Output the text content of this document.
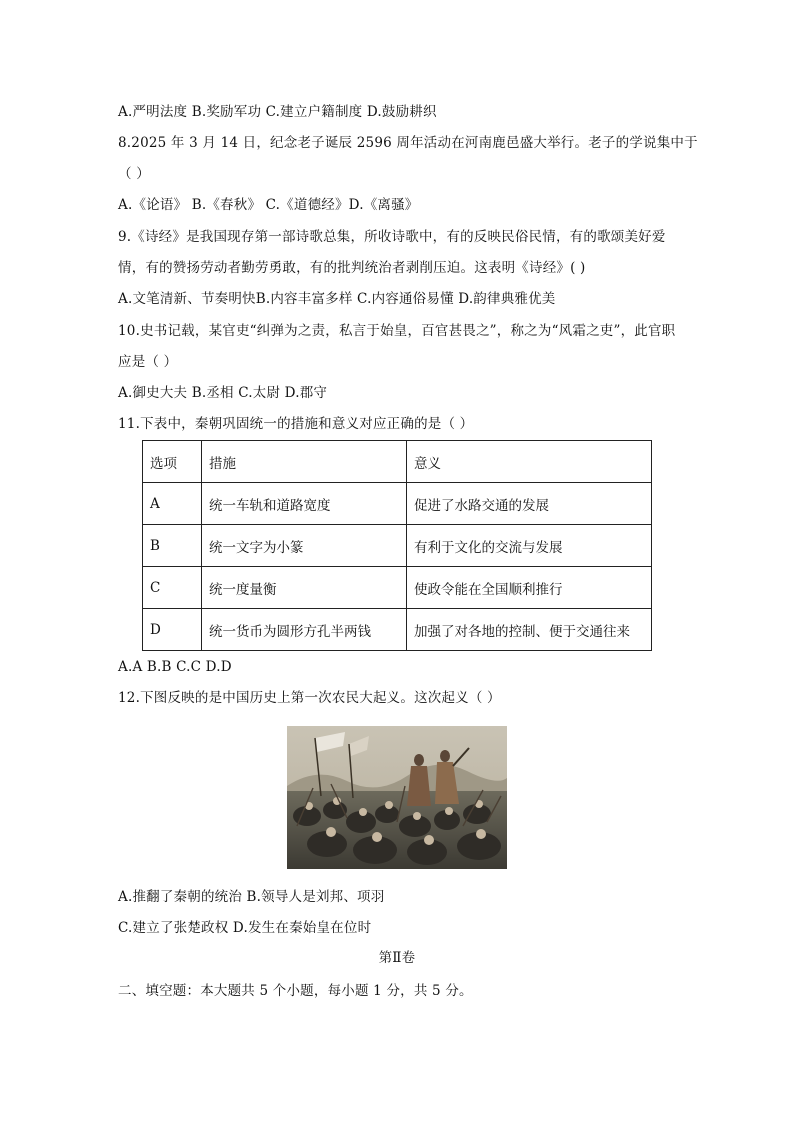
A.严明法度 B.奖励军功 C.建立户籍制度 D.鼓励耕织
8.2025 年 3 月 14 日，纪念老子诞辰 2596 周年活动在河南鹿邑盛大举行。老子的学说集中于
（ ）
A.《论语》 B.《春秋》 C.《道德经》D.《离骚》
9.《诗经》是我国现存第一部诗歌总集，所收诗歌中，有的反映民俗民情，有的歌颂美好爱
情，有的赞扬劳动者勤劳勇敢，有的批判统治者剥削压迫。这表明《诗经》( )
A.文笔清新、节奏明快B.内容丰富多样 C.内容通俗易懂 D.韵律典雅优美
10.史书记载，某官吏“纠弹为之责，私言于始皇，百官甚畏之”，称之为“风霜之吏”，此官职
应是（ ）
A.御史大夫 B.丞相 C.太尉 D.郡守
11.下表中，秦朝巩固统一的措施和意义对应正确的是（ ）
选项	措施	意义
A	统一车轨和道路宽度	促进了水路交通的发展
B	统一文字为小篆	有利于文化的交流与发展
C	统一度量衡	使政令能在全国顺利推行
D	统一货币为圆形方孔半两钱	加强了对各地的控制、便于交通往来
A.A B.B C.C D.D
12.下图反映的是中国历史上第一次农民大起义。这次起义（ ）
A.推翻了秦朝的统治 B.领导人是刘邦、项羽
C.建立了张楚政权 D.发生在秦始皇在位时
第Ⅱ卷
二、填空题：本大题共 5 个小题，每小题 1 分，共 5 分。
